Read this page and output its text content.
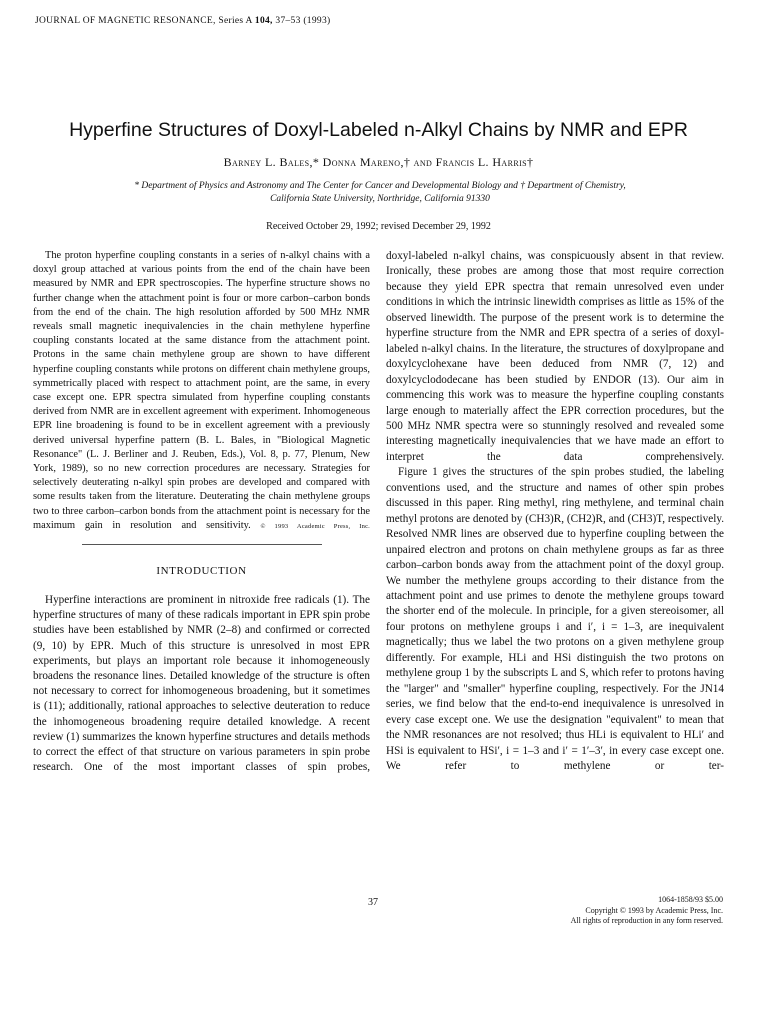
JOURNAL OF MAGNETIC RESONANCE, Series A 104, 37–53 (1993)
Hyperfine Structures of Doxyl-Labeled n-Alkyl Chains by NMR and EPR
Barney L. Bales,* Donna Mareno,† and Francis L. Harris†
* Department of Physics and Astronomy and The Center for Cancer and Developmental Biology and † Department of Chemistry,
California State University, Northridge, California 91330
Received October 29, 1992; revised December 29, 1992

The proton hyperfine coupling constants in a series of n-alkyl chains with a doxyl group attached at various points from the end of the chain have been measured by NMR and EPR spectroscopies. The hyperfine structure shows no further change when the attachment point is four or more carbon–carbon bonds from the end of the chain. The high resolution afforded by 500 MHz NMR reveals small magnetic inequivalencies in the chain methylene hyperfine coupling constants located at the same distance from the attachment point. Protons in the same chain methylene group are shown to have different hyperfine coupling constants while protons on different chain methylene groups, symmetrically placed with respect to attachment point, are the same, in every case except one. EPR spectra simulated from hyperfine coupling constants derived from NMR are in excellent agreement with experiment. Inhomogeneous EPR line broadening is found to be in excellent agreement with a previously derived universal hyperfine pattern (B. L. Bales, in "Biological Magnetic Resonance" (L. J. Berliner and J. Reuben, Eds.), Vol. 8, p. 77, Plenum, New York, 1989), so no new correction procedures are necessary. Strategies for selectively deuterating n-alkyl spin probes are developed and compared with some results taken from the literature. Deuterating the chain methylene groups two to three carbon–carbon bonds from the attachment point is necessary for the maximum gain in resolution and sensitivity. © 1993 Academic Press, Inc.

INTRODUCTION

Hyperfine interactions are prominent in nitroxide free radicals (1). The hyperfine structures of many of these radicals important in EPR spin probe studies have been established by NMR (2–8) and confirmed or corrected (9, 10) by EPR. Much of this structure is unresolved in most EPR experiments, but plays an important role because it inhomogeneously broadens the resonance lines. Detailed knowledge of the structure is often not necessary to correct for inhomogeneous broadening, but it sometimes is (11); additionally, rational approaches to selective deuteration to reduce the inhomogeneous broadening require detailed knowledge. A recent review (1) summarizes the known hyperfine structures and details methods to correct the effect of that structure on various parameters in spin probe research. One of the most important classes of spin probes,

doxyl-labeled n-alkyl chains, was conspicuously absent in that review. Ironically, these probes are among those that most require correction because they yield EPR spectra that remain unresolved even under conditions in which the intrinsic linewidth comprises as little as 15% of the observed linewidth. The purpose of the present work is to determine the hyperfine structure from the NMR and EPR spectra of a series of doxyl-labeled n-alkyl chains. In the literature, the structures of doxylpropane and doxylcyclohexane have been deduced from NMR (7, 12) and doxylcyclododecane has been studied by ENDOR (13). Our aim in commencing this work was to measure the hyperfine coupling constants large enough to materially affect the EPR correction procedures, but the 500 MHz NMR spectra were so stunningly resolved and revealed some interesting magnetically inequivalencies that we have made an effort to interpret the data comprehensively.

Figure 1 gives the structures of the spin probes studied, the labeling conventions used, and the structure and names of other spin probes discussed in this paper. Ring methyl, ring methylene, and terminal chain methyl protons are denoted by (CH3)R, (CH2)R, and (CH3)T, respectively. Resolved NMR lines are observed due to hyperfine coupling between the unpaired electron and protons on chain methylene groups as far as three carbon–carbon bonds away from the attachment point of the doxyl group. We number the methylene groups according to their distance from the attachment point and use primes to denote the methylene groups toward the shorter end of the molecule. In principle, for a given stereoisomer, all four protons on methylene groups i and i′, i = 1–3, are inequivalent magnetically; thus we label the two protons on a given methylene group differently. For example, HLi and HSi distinguish the two protons on methylene group 1 by the subscripts L and S, which refer to protons having the "larger" and "smaller" hyperfine coupling, respectively. For the JN14 series, we find below that the end-to-end inequivalence is unresolved in every case except one. We use the designation "equivalent" to mean that the NMR resonances are not resolved; thus HLi is equivalent to HLi′ and HSi is equivalent to HSi′, i = 1–3 and i′ = 1′–3′, in every case except one. We refer to methylene or ter-

37	1064-1858/93 $5.00
Copyright © 1993 by Academic Press, Inc.
All rights of reproduction in any form reserved.
